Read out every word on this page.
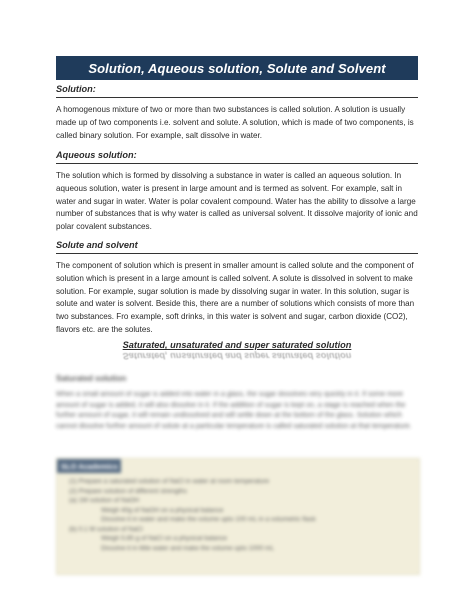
Solution, Aqueous solution, Solute and Solvent
Solution:

A homogenous mixture of two or more than two substances is called solution. A solution is usually made up of two components i.e. solvent and solute. A solution, which is made of two components, is called binary solution. For example, salt dissolve in water.

Aqueous solution:

The solution which is formed by dissolving a substance in water is called an aqueous solution. In aqueous solution, water is present in large amount and is termed as solvent. For example, salt in water and sugar in water. Water is polar covalent compound. Water has the ability to dissolve a large number of substances that is why water is called as universal solvent. It dissolve majority of ionic and polar covalent substances.

Solute and solvent

The component of solution which is present in smaller amount is called solute and the component of solution which is present in a large amount is called solvent. A solute is dissolved in solvent to make solution. For example, sugar solution is made by dissolving sugar in water. In this solution, sugar is solute and water is solvent. Beside this, there are a number of solutions which consists of more than two substances. Fro example, soft drinks, in this water is solvent and sugar, carbon dioxide (CO2), flavors etc. are the solutes.

Saturated, unsaturated and super saturated solution
Saturated, unsaturated and super saturated solution
Saturated solution

When a small amount of sugar is added into water in a glass, the sugar dissolves very quickly in it. If some more amount of sugar is added, it will also dissolve in it. If the addition of sugar is kept on, a stage is reached when the further amount of sugar, it will remain undissolved and will settle down at the bottom of the glass. Solution which cannot dissolve further amount of solute at a particular temperature is called saturated solution at that temperature.

SLO Academics
(1) Prepare a saturated solution of NaCl in water at room temperature
(2) Prepare solution of different strengths
(a) 1M solution of NaOH
Weigh 40g of NaOH on a physical balance
Dissolve it in water and make the volume upto 100 mL in a volumetric flask
(b) 0.1 M solution of NaCl
Weigh 5.85 g of NaCl on a physical balance
Dissolve it in little water and make the volume upto 1000 mL
